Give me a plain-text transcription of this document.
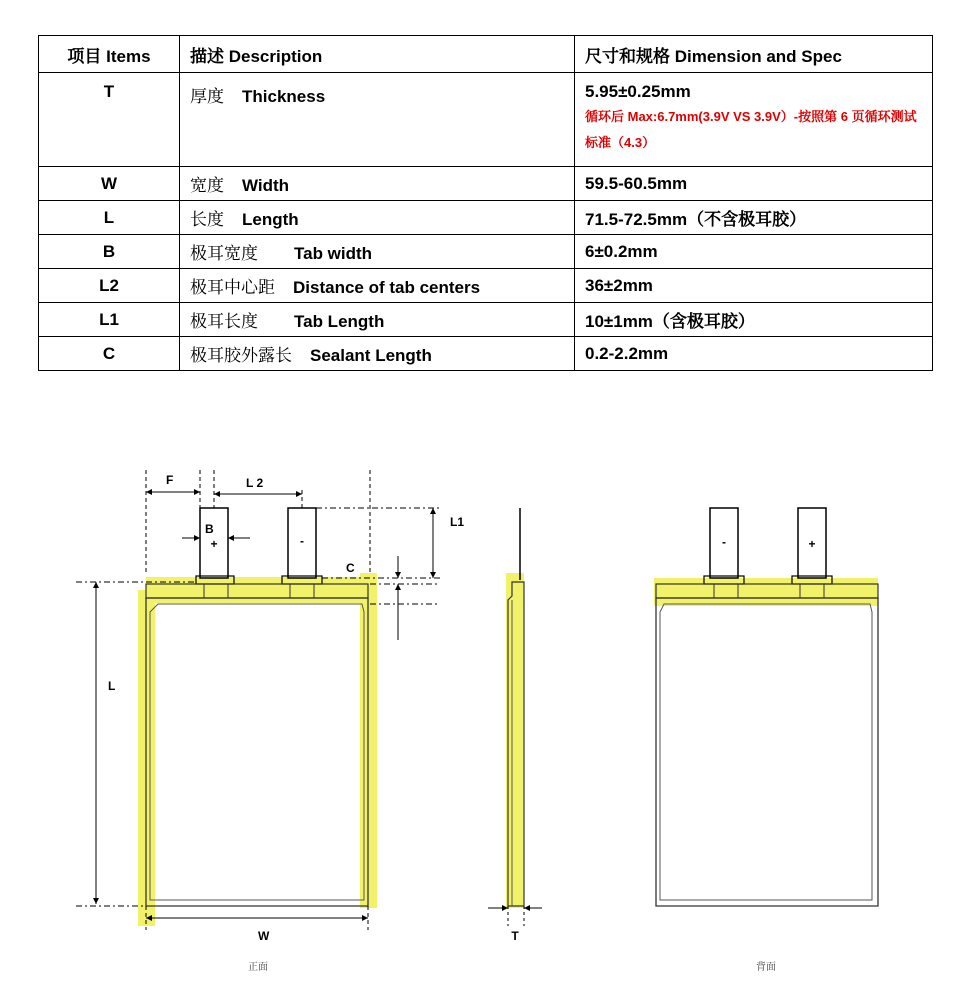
项目 Items	描述 Description	尺寸和规格 Dimension and Spec
T	厚度 Thickness	5.95±0.25mm
循环后 Max:6.7mm(3.9V VS 3.9V）-按照第 6 页循环测试标准（4.3）

W	宽度 Width	59.5-60.5mm
L	长度 Length	71.5-72.5mm（不含极耳胶）
B	极耳宽度 Tab width	6±0.2mm
L2	极耳中心距 Distance of tab centers	36±2mm
L1	极耳长度 Tab Length	10±1mm（含极耳胶）
C	极耳胶外露长 Sealant Length	0.2-2.2mm
+	-
F	L 2
B	L1
C
L
W
正面
T
-	+
背面
